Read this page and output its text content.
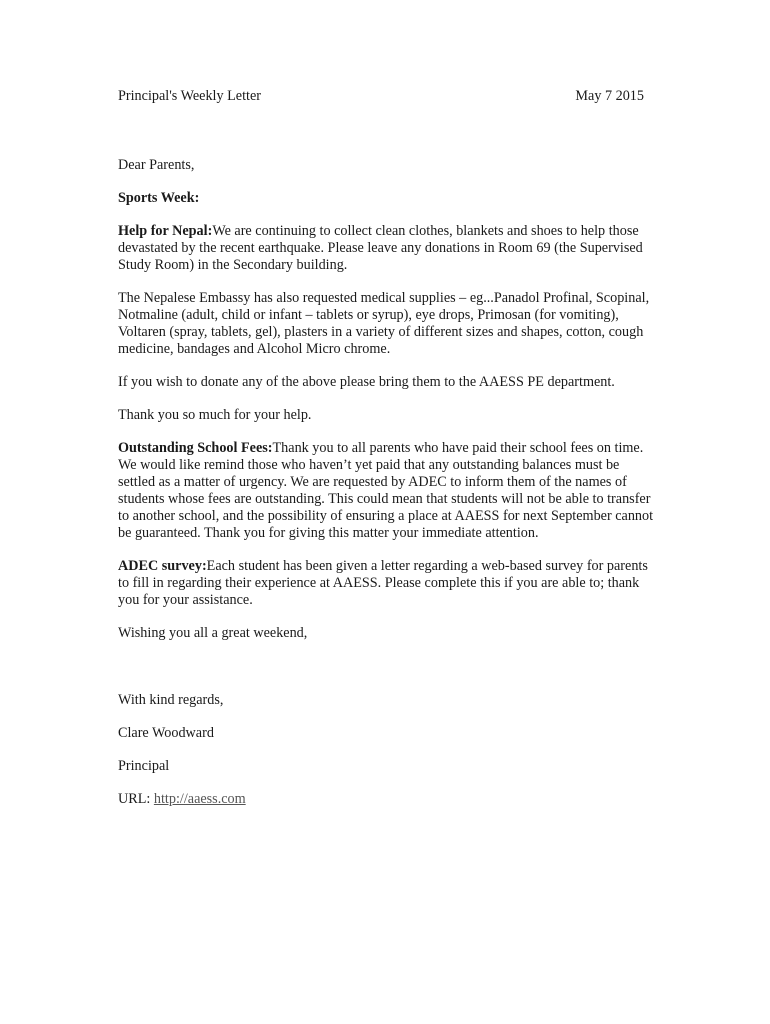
Principal's Weekly Letter	May 7 2015
Dear Parents,
Sports Week:
Help for Nepal:We are continuing to collect clean clothes, blankets and shoes to help those devastated by the recent earthquake. Please leave any donations in Room 69 (the Supervised Study Room) in the Secondary building.
The Nepalese Embassy has also requested medical supplies – eg...Panadol Profinal, Scopinal, Notmaline (adult, child or infant – tablets or syrup), eye drops, Primosan (for vomiting), Voltaren (spray, tablets, gel), plasters in a variety of different sizes and shapes, cotton, cough medicine, bandages and Alcohol Micro chrome.
If you wish to donate any of the above please bring them to the AAESS PE department.
Thank you so much for your help.
Outstanding School Fees:Thank you to all parents who have paid their school fees on time. We would like remind those who haven’t yet paid that any outstanding balances must be settled as a matter of urgency. We are requested by ADEC to inform them of the names of students whose fees are outstanding. This could mean that students will not be able to transfer to another school, and the possibility of ensuring a place at AAESS for next September cannot be guaranteed. Thank you for giving this matter your immediate attention.
ADEC survey:Each student has been given a letter regarding a web-based survey for parents to fill in regarding their experience at AAESS. Please complete this if you are able to; thank you for your assistance.
Wishing you all a great weekend,
With kind regards,
Clare Woodward
Principal
URL: http://aaess.com
